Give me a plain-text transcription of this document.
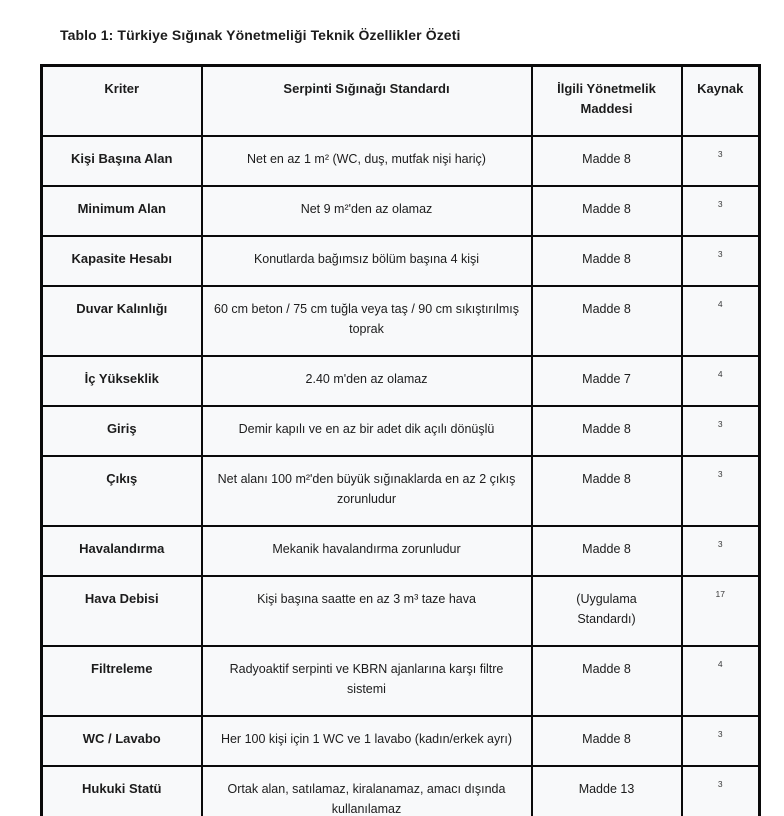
Tablo 1: Türkiye Sığınak Yönetmeliği Teknik Özellikler Özeti
Kriter	Serpinti Sığınağı Standardı	İlgili Yönetmelik Maddesi	Kaynak
Kişi Başına Alan	Net en az 1 m² (WC, duş, mutfak nişi hariç)	Madde 8	$^3$
Minimum Alan	Net 9 m²'den az olamaz	Madde 8	$^3$
Kapasite Hesabı	Konutlarda bağımsız bölüm başına 4 kişi	Madde 8	$^3$
Duvar Kalınlığı	60 cm beton / 75 cm tuğla veya taş / 90 cm sıkıştırılmış toprak	Madde 8	$^4$
İç Yükseklik	2.40 m'den az olamaz	Madde 7	$^4$
Giriş	Demir kapılı ve en az bir adet dik açılı dönüşlü	Madde 8	$^3$
Çıkış	Net alanı 100 m²'den büyük sığınaklarda en az 2 çıkış zorunludur	Madde 8	$^3$
Havalandırma	Mekanik havalandırma zorunludur	Madde 8	$^3$
Hava Debisi	Kişi başına saatte en az 3 m³ taze hava	(Uygulama Standardı)	$^{17}$
Filtreleme	Radyoaktif serpinti ve KBRN ajanlarına karşı filtre sistemi	Madde 8	$^4$
WC / Lavabo	Her 100 kişi için 1 WC ve 1 lavabo (kadın/erkek ayrı)	Madde 8	$^3$
Hukuki Statü	Ortak alan, satılamaz, kiralanamaz, amacı dışında kullanılamaz	Madde 13	$^3$
